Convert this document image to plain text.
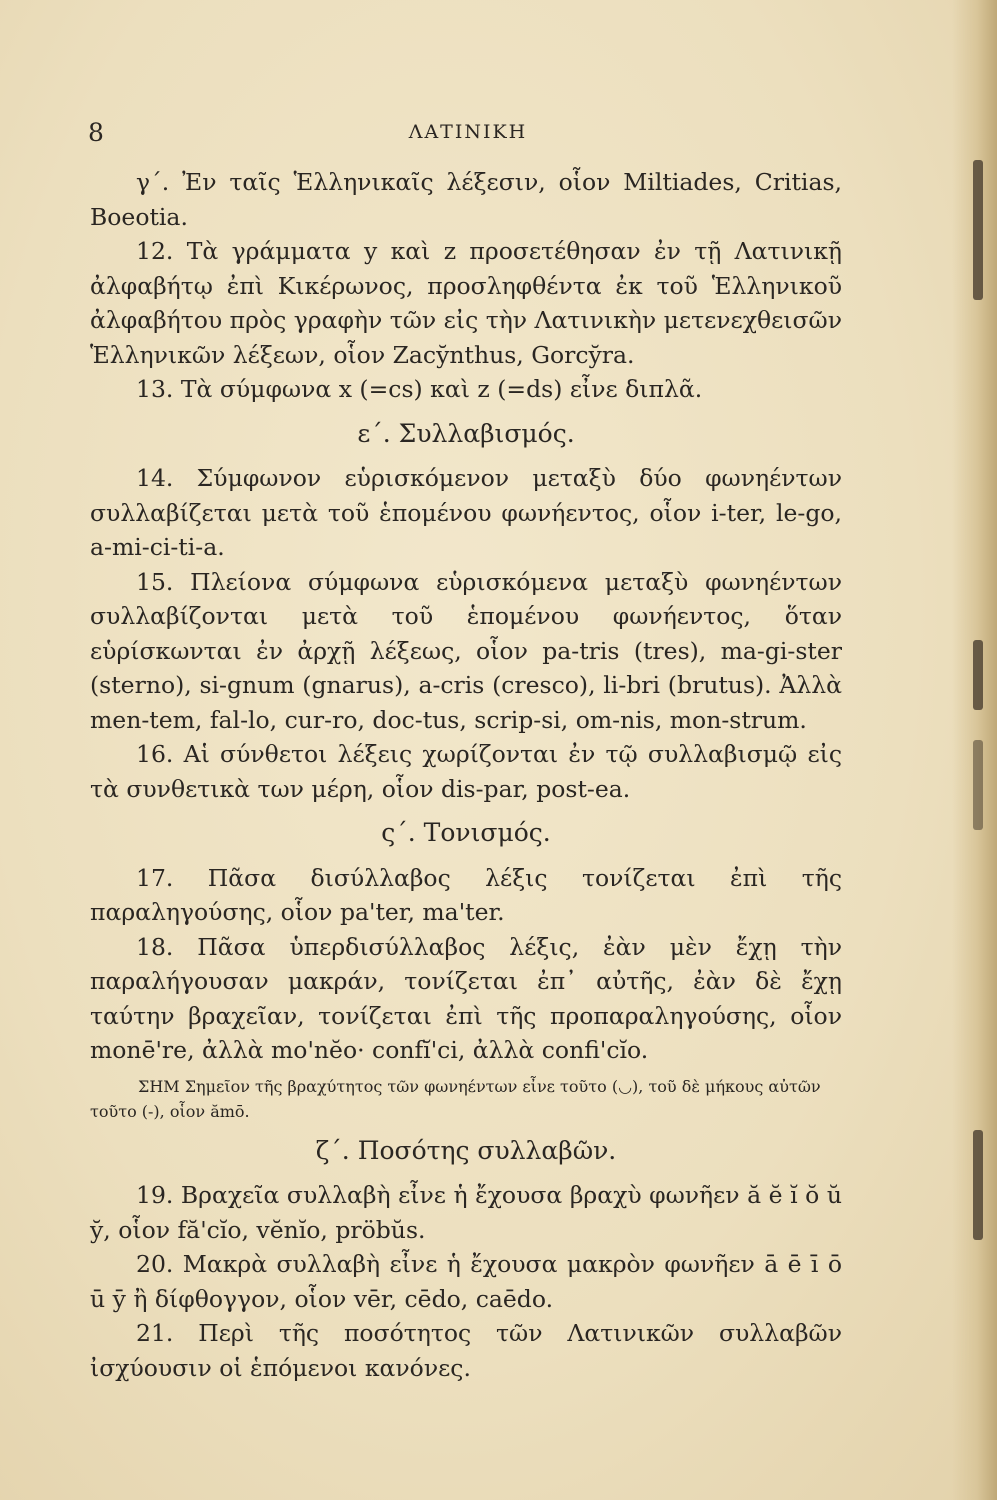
8	ΛΑΤΙΝΙΚΗ

γ΄. Ἐν ταῖς Ἑλληνικαῖς λέξεσιν, οἷον Miltiades, Critias, Boeotia.

12. Τὰ γράμματα y καὶ z προσετέθησαν ἐν τῇ Λατινικῇ ἀλφαβήτῳ ἐπὶ Κικέρωνος, προσληφθέντα ἐκ τοῦ Ἑλληνικοῦ ἀλφαβήτου πρὸς γραφὴν τῶν εἰς τὴν Λατινικὴν μετενεχθεισῶν Ἑλληνικῶν λέξεων, οἷον Zacy̆nthus, Gorcy̆ra.

13. Τὰ σύμφωνα x (=cs) καὶ z (=ds) εἶνε διπλᾶ.

ε΄. Συλλαβισμός.

14. Σύμφωνον εὑρισκόμενον μεταξὺ δύο φωνηέντων συλλαβίζεται μετὰ τοῦ ἑπομένου φωνήεντος, οἷον i-ter, le-go, a-mi-ci-ti-a.

15. Πλείονα σύμφωνα εὑρισκόμενα μεταξὺ φωνηέντων συλλαβίζονται μετὰ τοῦ ἑπομένου φωνήεντος, ὅταν εὑρίσκωνται ἐν ἀρχῇ λέξεως, οἷον pa-tris (tres), ma-gi-ster (sterno), si-gnum (gnarus), a-cris (cresco), li-bri (brutus). Ἀλλὰ men-tem, fal-lo, cur-ro, doc-tus, scrip-si, om-nis, mon-strum.

16. Αἱ σύνθετοι λέξεις χωρίζονται ἐν τῷ συλλαβισμῷ εἰς τὰ συνθετικὰ των μέρη, οἷον dis-par, post-ea.

ς΄. Τονισμός.

17. Πᾶσα δισύλλαβος λέξις τονίζεται ἐπὶ τῆς παραληγούσης, οἷον pa'ter, ma'ter.

18. Πᾶσα ὑπερδισύλλαβος λέξις, ἐὰν μὲν ἔχῃ τὴν παραλήγουσαν μακράν, τονίζεται ἐπ᾽ αὐτῆς, ἐὰν δὲ ἔχῃ ταύτην βραχεῖαν, τονίζεται ἐπὶ τῆς προπαραληγούσης, οἷον monē're, ἀλλὰ mo'nĕo· confĭ'ci, ἀλλὰ confi'cĭo.

ΣΗΜ Σημεῖον τῆς βραχύτητος τῶν φωνηέντων εἶνε τοῦτο (◡), τοῦ δὲ μήκους αὐτῶν τοῦτο (-), οἷον ămō.

ζ΄. Ποσότης συλλαβῶν.

19. Βραχεῖα συλλαβὴ εἶνε ἡ ἔχουσα βραχὺ φωνῆεν ă ĕ ĭ ŏ ŭ y̆, οἷον fă'cĭo, vĕnĭo, pröbŭs.

20. Μακρὰ συλλαβὴ εἶνε ἡ ἔχουσα μακρὸν φωνῆεν ā ē ī ō ū ȳ ἢ δίφθογγον, οἷον vēr, cēdo, caēdo.

21. Περὶ τῆς ποσότητος τῶν Λατινικῶν συλλαβῶν ἰσχύουσιν οἱ ἑπόμενοι κανόνες.
